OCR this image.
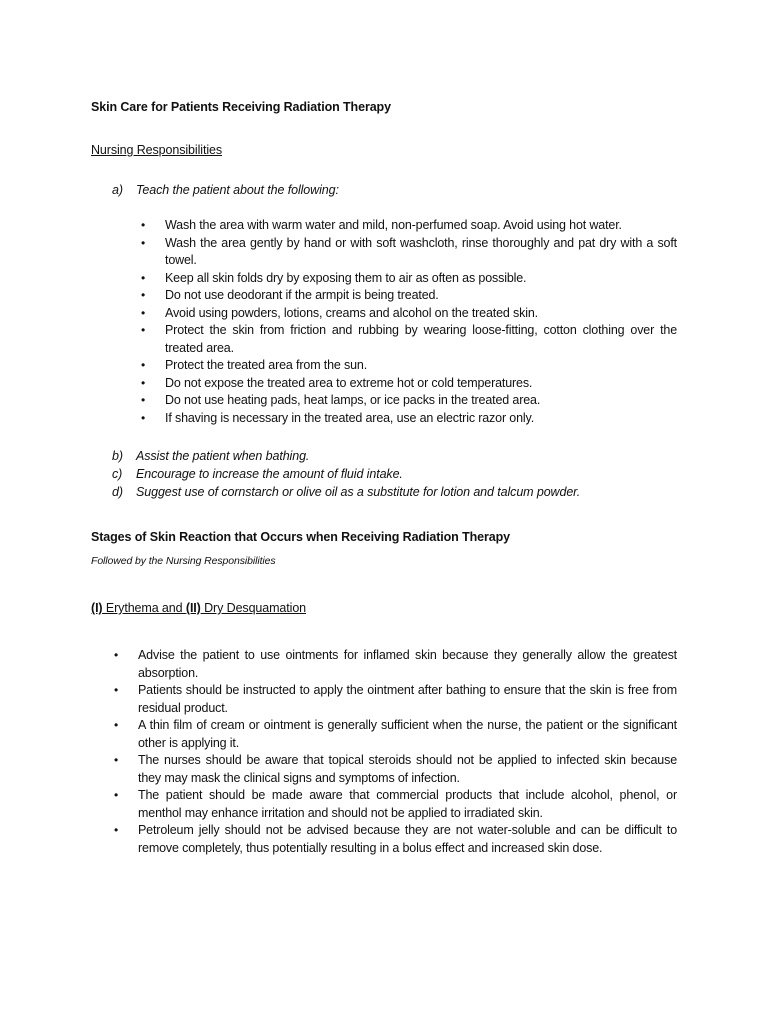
Skin Care for Patients Receiving Radiation Therapy
Nursing Responsibilities
a)	Teach the patient about the following:
•	Wash the area with warm water and mild, non-perfumed soap. Avoid using hot water.
•	Wash the area gently by hand or with soft washcloth, rinse thoroughly and pat dry with a soft towel.
•	Keep all skin folds dry by exposing them to air as often as possible.
•	Do not use deodorant if the armpit is being treated.
•	Avoid using powders, lotions, creams and alcohol on the treated skin.
•	Protect the skin from friction and rubbing by wearing loose-fitting, cotton clothing over the treated area.
•	Protect the treated area from the sun.
•	Do not expose the treated area to extreme hot or cold temperatures.
•	Do not use heating pads, heat lamps, or ice packs in the treated area.
•	If shaving is necessary in the treated area, use an electric razor only.
b)	Assist the patient when bathing.
c)	Encourage to increase the amount of fluid intake.
d)	Suggest use of cornstarch or olive oil as a substitute for lotion and talcum powder.
Stages of Skin Reaction that Occurs when Receiving Radiation Therapy
Followed by the Nursing Responsibilities
(I) Erythema and (II) Dry Desquamation
•	Advise the patient to use ointments for inflamed skin because they generally allow the greatest absorption.
•	Patients should be instructed to apply the ointment after bathing to ensure that the skin is free from residual product.
•	A thin film of cream or ointment is generally sufficient when the nurse, the patient or the significant other is applying it.
•	The nurses should be aware that topical steroids should not be applied to infected skin because they may mask the clinical signs and symptoms of infection.
•	The patient should be made aware that commercial products that include alcohol, phenol, or menthol may enhance irritation and should not be applied to irradiated skin.
•	Petroleum jelly should not be advised because they are not water-soluble and can be difficult to remove completely, thus potentially resulting in a bolus effect and increased skin dose.
